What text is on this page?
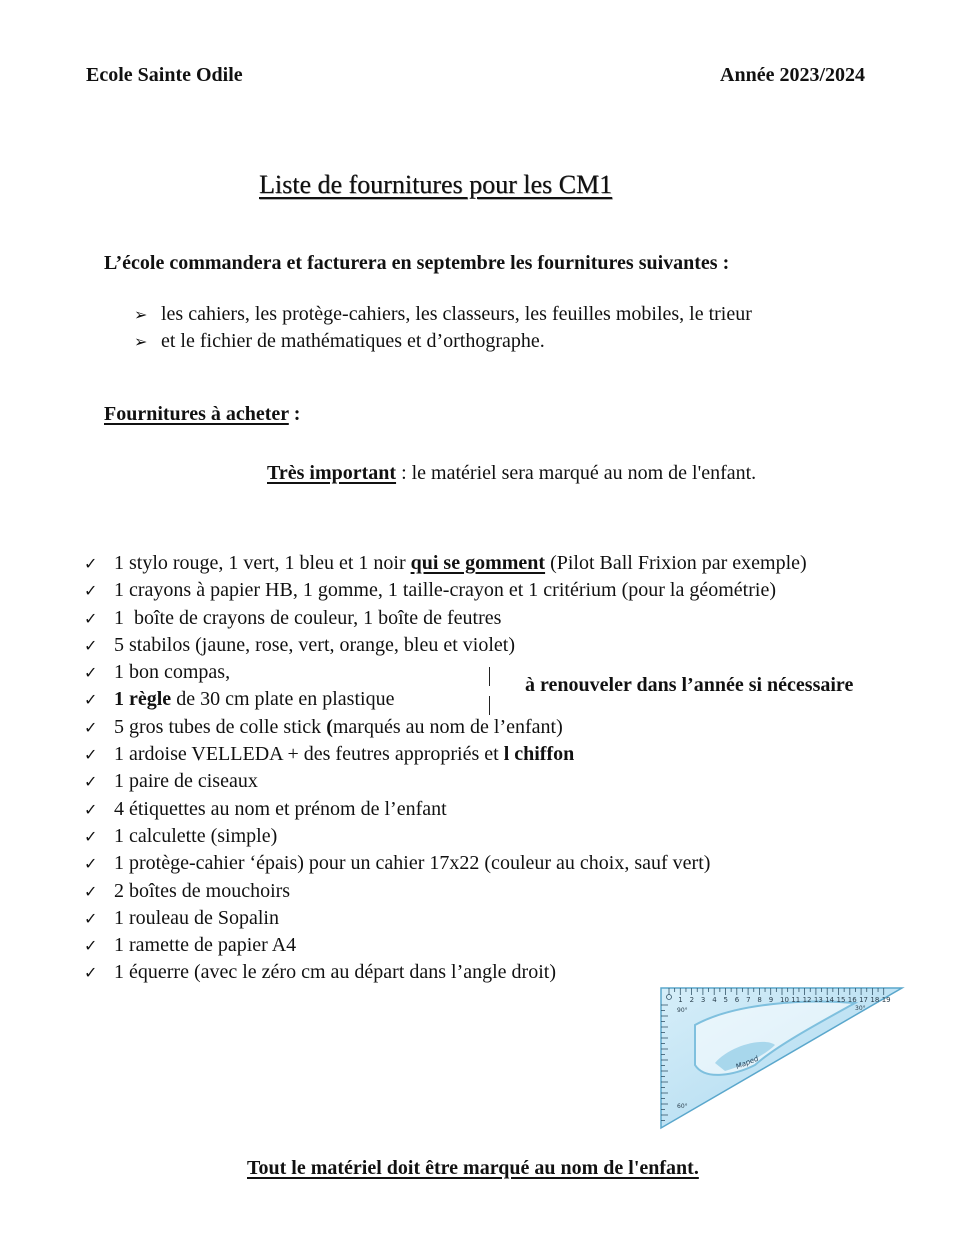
Ecole Sainte Odile	Année 2023/2024
Liste de fournitures pour les CM1
L’école commandera et facturera en septembre les fournitures suivantes :
➢ les cahiers, les protège-cahiers, les classeurs, les feuilles mobiles, le trieur
➢ et le fichier de mathématiques et d’orthographe.
Fournitures à acheter :
Très important : le matériel sera marqué au nom de l'enfant.
✓ 1 stylo rouge, 1 vert, 1 bleu et 1 noir qui se gomment (Pilot Ball Frixion par exemple)
✓ 1 crayons à papier HB, 1 gomme, 1 taille-crayon et 1 critérium (pour la géométrie)
✓ 1  boîte de crayons de couleur, 1 boîte de feutres
✓ 5 stabilos (jaune, rose, vert, orange, bleu et violet)
✓ 1 bon compas,
✓ 1 règle de 30 cm plate en plastique
✓ 5 gros tubes de colle stick (marqués au nom de l’enfant)
✓ 1 ardoise VELLEDA + des feutres appropriés et l chiffon
✓ 1 paire de ciseaux
✓ 4 étiquettes au nom et prénom de l’enfant
✓ 1 calculette (simple)
✓ 1 protège-cahier ‘épais) pour un cahier 17x22 (couleur au choix, sauf vert)
✓ 2 boîtes de mouchoirs
✓ 1 rouleau de Sopalin
✓ 1 ramette de papier A4
✓ 1 équerre (avec le zéro cm au départ dans l’angle droit)
à renouveler dans l’année si nécessaire
1 2 3 4 5 6 7 8 9 10 11 12 13 14 15 16 17 18 19
90°	30°
60°
Maped
Tout le matériel doit être marqué au nom de l'enfant.
